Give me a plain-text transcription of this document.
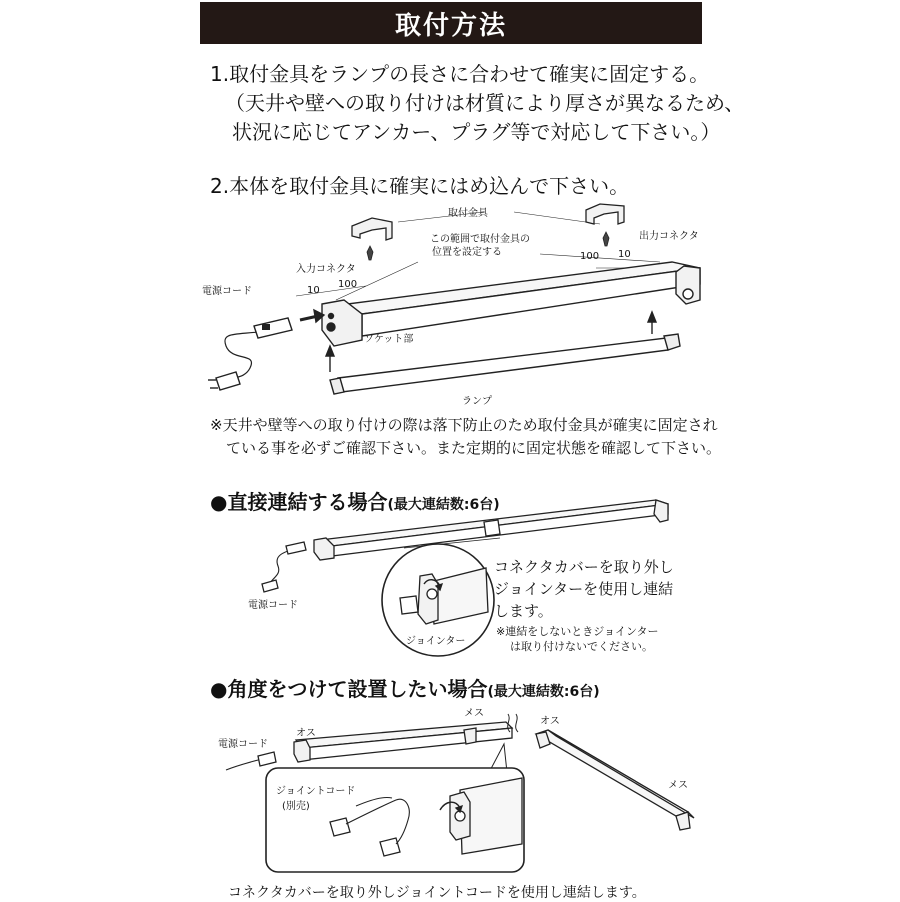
取付方法
1.取付金具をランプの長さに合わせて確実に固定する。
（天井や壁への取り付けは材質により厚さが異なるため、
状況に応じてアンカー、プラグ等で対応して下さい。）
2.本体を取付金具に確実にはめ込んで下さい。
取付金具
この範囲で取付金具の
位置を設定する
出力コネクタ
入力コネクタ
電源コード
ソケット部
ランプ
10
100
100 10
※天井や壁等への取り付けの際は落下防止のため取付金具が確実に固定され
ている事を必ずご確認下さい。また定期的に固定状態を確認して下さい。
●直接連結する場合(最大連結数:6台)
電源コード
ジョインター
コネクタカバーを取り外し
ジョインターを使用し連結
します。
※連結をしないときジョインター
は取り付けないでください。
●角度をつけて設置したい場合(最大連結数:6台)
電源コード
オス
メス
オス
メス
ジョイントコード
(別売)
コネクタカバーを取り外しジョイントコードを使用し連結します。
